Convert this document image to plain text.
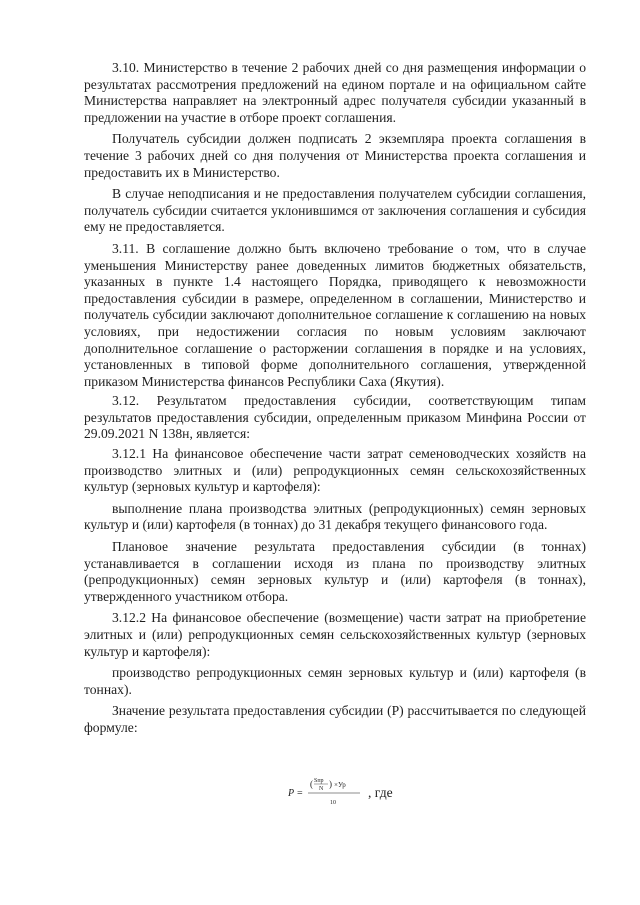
3.10. Министерство в течение 2 рабочих дней со дня размещения информации о результатах рассмотрения предложений на едином портале и на официальном сайте Министерства направляет на электронный адрес получателя субсидии указанный в предложении на участие в отборе проект соглашения.

Получатель субсидии должен подписать 2 экземпляра проекта соглашения в течение 3 рабочих дней со дня получения от Министерства проекта соглашения и предоставить их в Министерство.

В случае неподписания и не предоставления получателем субсидии соглашения, получатель субсидии считается уклонившимся от заключения соглашения и субсидия ему не предоставляется.

3.11. В соглашение должно быть включено требование о том, что в случае уменьшения Министерству ранее доведенных лимитов бюджетных обязательств, указанных в пункте 1.4 настоящего Порядка, приводящего к невозможности предоставления субсидии в размере, определенном в соглашении, Министерство и получатель субсидии заключают дополнительное соглашение к соглашению на новых условиях, при недостижении согласия по новым условиям заключают дополнительное соглашение о расторжении соглашения в порядке и на условиях, установленных в типовой форме дополнительного соглашения, утвержденной приказом Министерства финансов Республики Саха (Якутия).

3.12. Результатом предоставления субсидии, соответствующим типам результатов предоставления субсидии, определенным приказом Минфина России от 29.09.2021 N 138н, является:

3.12.1 На финансовое обеспечение части затрат семеноводческих хозяйств на производство элитных и (или) репродукционных семян сельскохозяйственных культур (зерновых культур и картофеля):

выполнение плана производства элитных (репродукционных) семян зерновых культур и (или) картофеля (в тоннах) до 31 декабря текущего финансового года.

Плановое значение результата предоставления субсидии (в тоннах) устанавливается в соглашении исходя из плана по производству элитных (репродукционных) семян зерновых культур и (или) картофеля (в тоннах), утвержденного участником отбора.

3.12.2 На финансовое обеспечение (возмещение) части затрат на приобретение элитных и (или) репродукционных семян сельскохозяйственных культур (зерновых культур и картофеля):

производство репродукционных семян зерновых культур и (или) картофеля (в тоннах).

Значение результата предоставления субсидии (Р) рассчитывается по следующей формуле:

P =
( Sпр
N ) ×Ур
10
, где
